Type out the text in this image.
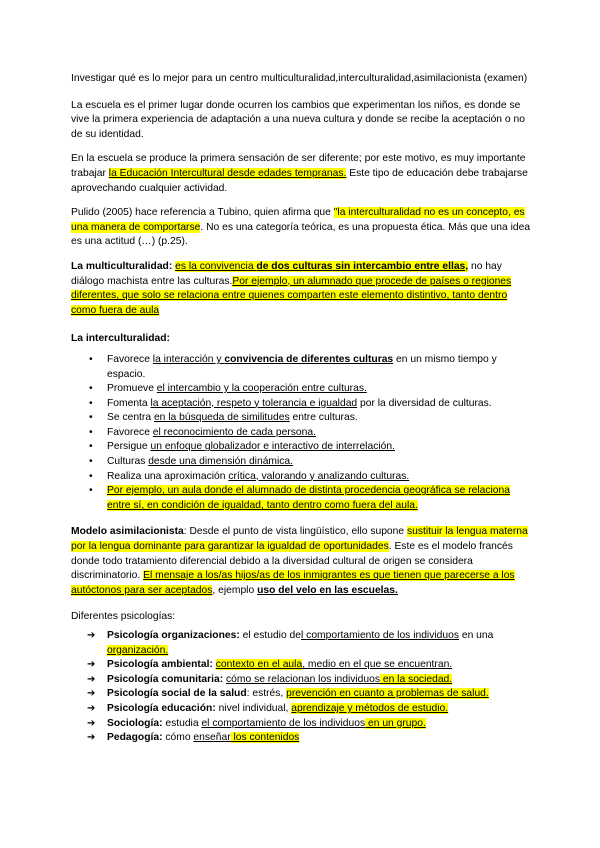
Investigar qué es lo mejor para un centro multiculturalidad,interculturalidad,asimilacionista (examen)

La escuela es el primer lugar donde ocurren los cambios que experimentan los niños, es donde se vive la primera experiencia de adaptación a una nueva cultura y donde se recibe la aceptación o no de su identidad.

En la escuela se produce la primera sensación de ser diferente; por este motivo, es muy importante trabajar la Educación Intercultural desde edades tempranas. Este tipo de educación debe trabajarse aprovechando cualquier actividad.

Pulido (2005) hace referencia a Tubino, quien afirma que "la interculturalidad no es un concepto, es una manera de comportarse. No es una categoría teórica, es una propuesta ética. Más que una idea es una actitud (…) (p.25).

La multiculturalidad: es la convivencia de dos culturas sin intercambio entre ellas, no hay diálogo machista entre las culturas.Por ejemplo, un alumnado que procede de países o regiones diferentes, que solo se relaciona entre quienes comparten este elemento distintivo, tanto dentro como fuera de aula

La interculturalidad:

• Favorece la interacción y convivencia de diferentes culturas en un mismo tiempo y espacio.
• Promueve el intercambio y la cooperación entre culturas.
• Fomenta la aceptación, respeto y tolerancia e igualdad por la diversidad de culturas.
• Se centra en la búsqueda de similitudes entre culturas.
• Favorece el reconocimiento de cada persona.
• Persigue un enfoque globalizador e interactivo de interrelación.
• Culturas desde una dimensión dinámica.
• Realiza una aproximación crítica, valorando y analizando culturas.
• Por ejemplo, un aula donde el alumnado de distinta procedencia geográfica se relaciona entre sí, en condición de igualdad, tanto dentro como fuera del aula.

Modelo asimilacionista: Desde el punto de vista lingüístico, ello supone sustituir la lengua materna por la lengua dominante para garantizar la igualdad de oportunidades. Este es el modelo francés donde todo tratamiento diferencial debido a la diversidad cultural de origen se considera discriminatorio. El mensaje a los/as hijos/as de los inmigrantes es que tienen que parecerse a los autóctonos para ser aceptados, ejemplo uso del velo en las escuelas.

Diferentes psicologías:

➔ Psicología organizaciones: el estudio del comportamiento de los individuos en una organización.
➔ Psicología ambiental: contexto en el aula, medio en el que se encuentran.
➔ Psicología comunitaria: cómo se relacionan los individuos en la sociedad.
➔ Psicología social de la salud: estrés, prevención en cuanto a problemas de salud.
➔ Psicología educación: nivel individual, aprendizaje y métodos de estudio.
➔ Sociología: estudia el comportamiento de los individuos en un grupo.
➔ Pedagogía: cómo enseñar los contenidos
